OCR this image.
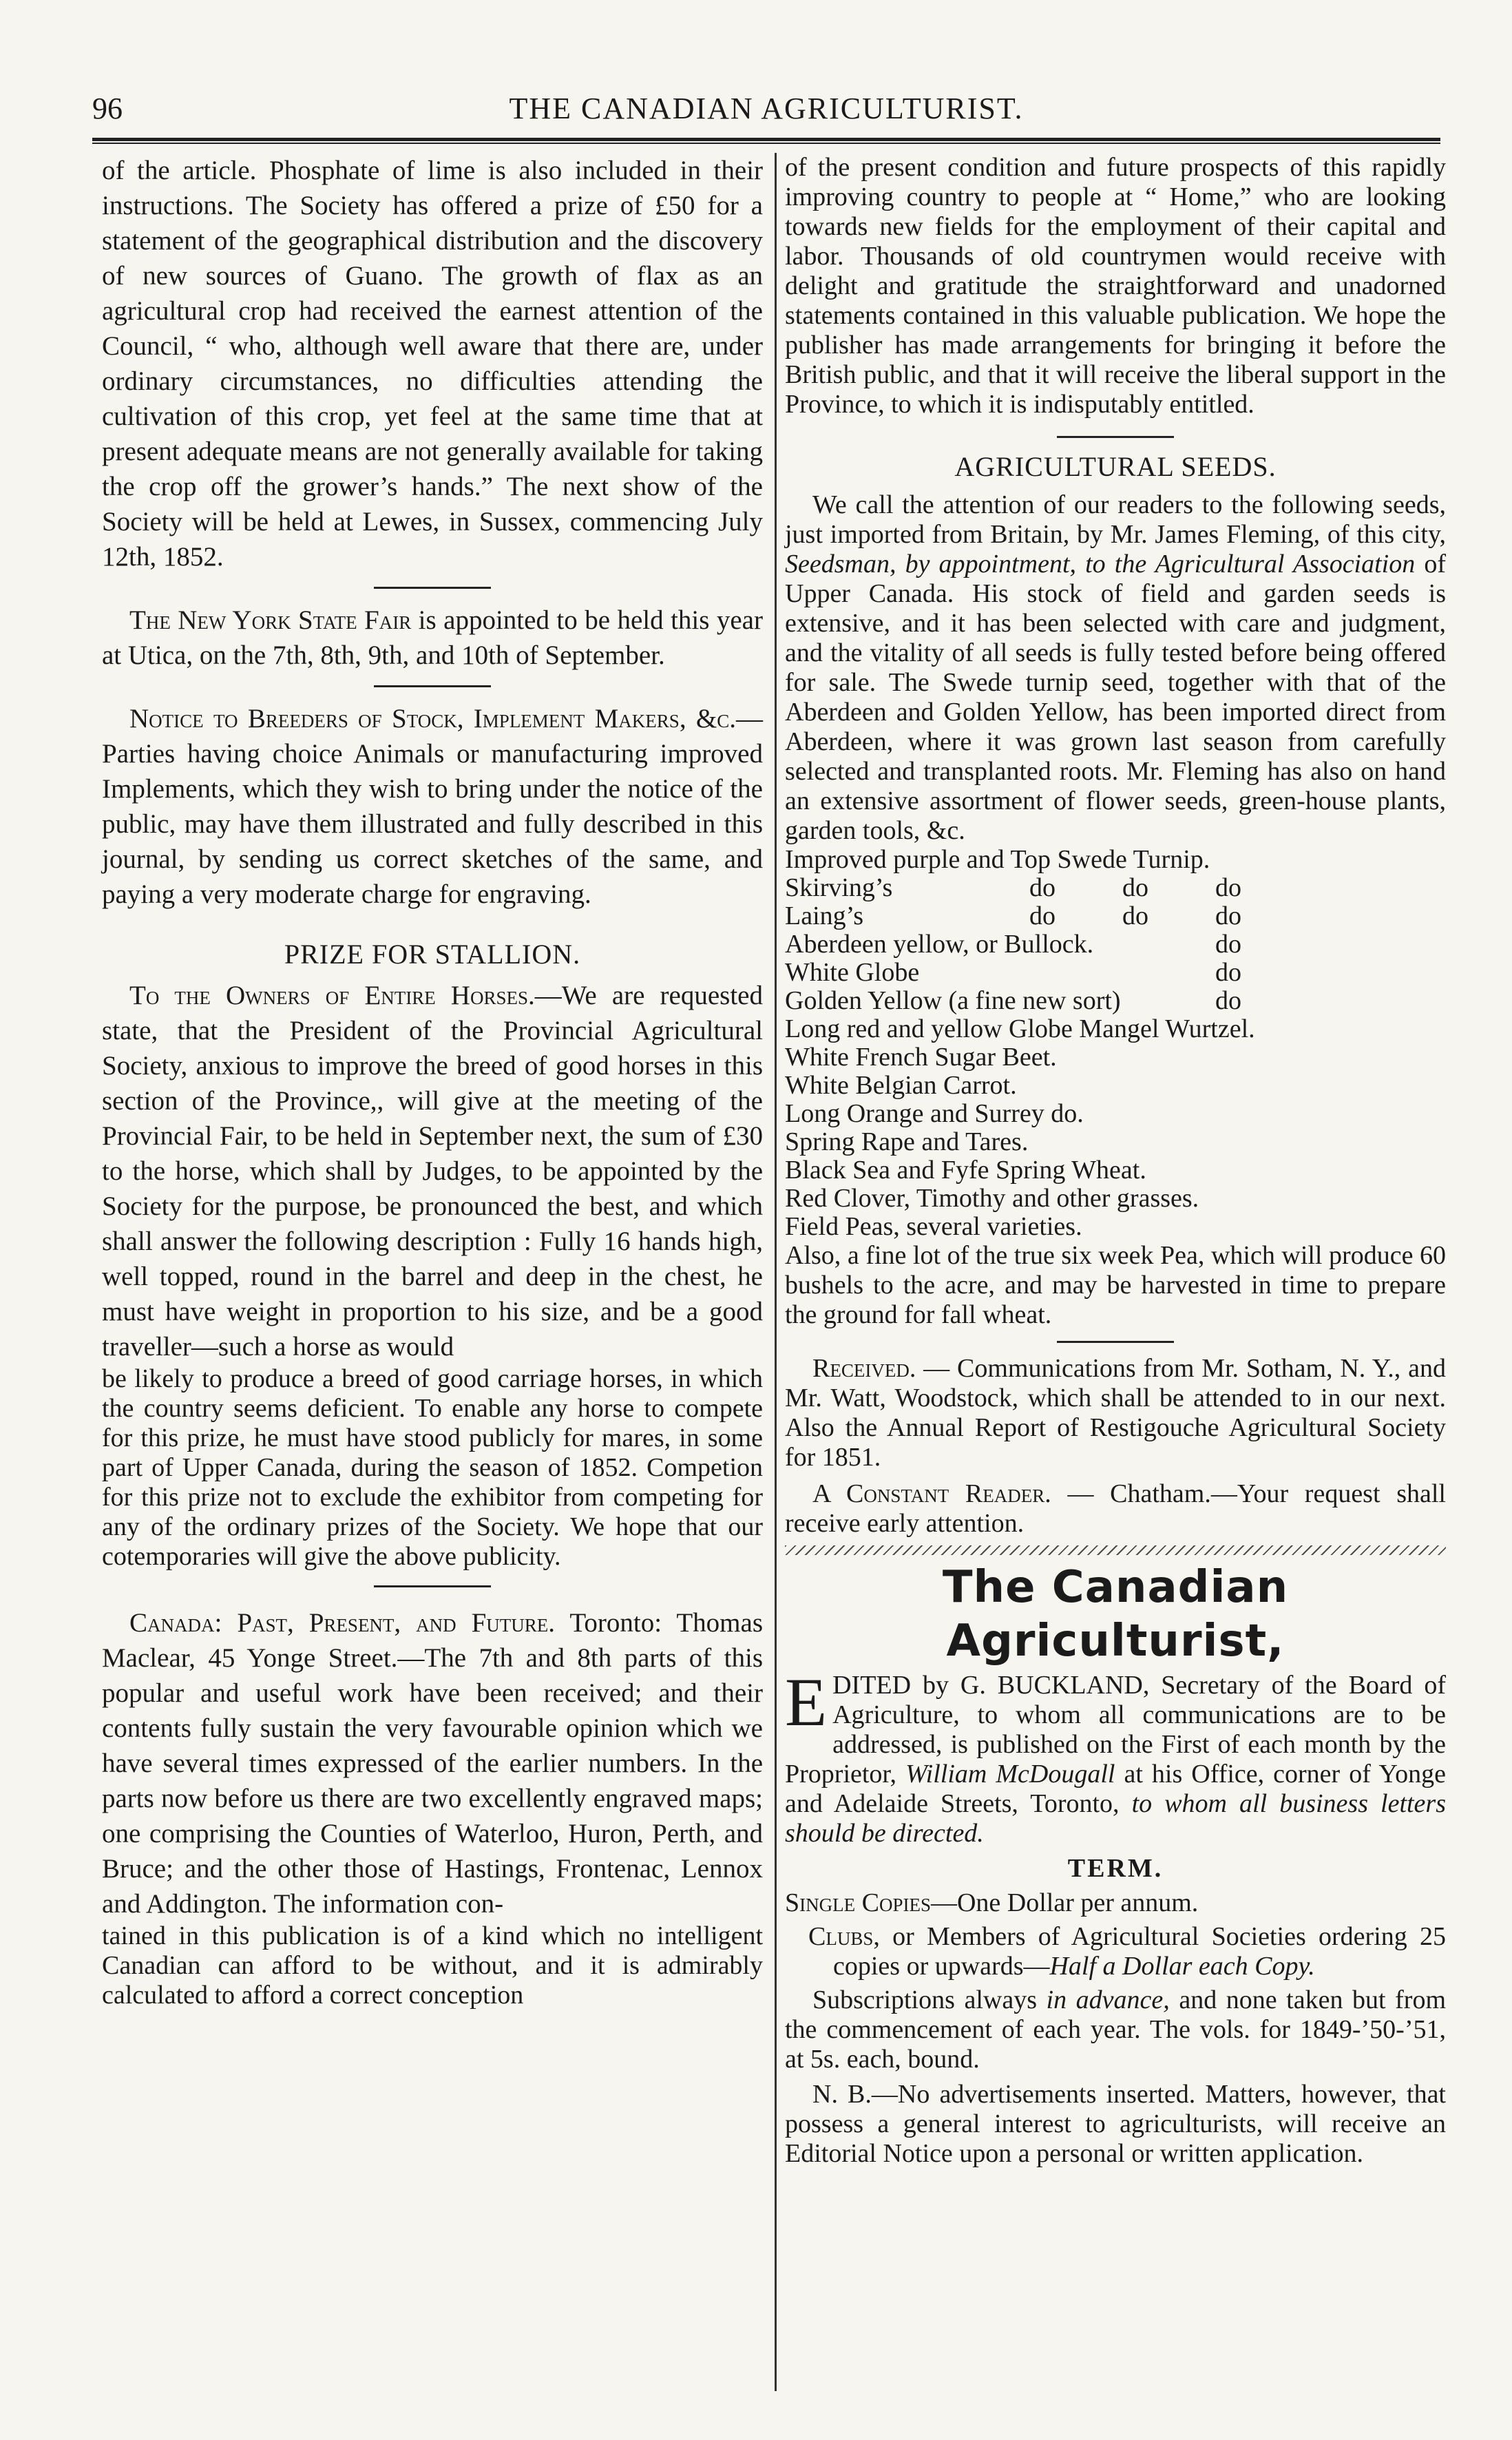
96	THE CANADIAN AGRICULTURIST.

of the article. Phosphate of lime is also included in their instructions. The Society has offered a prize of £50 for a statement of the geographical distribution and the discovery of new sources of Guano. The growth of flax as an agricultural crop had received the earnest attention of the Council, “ who, although well aware that there are, under ordinary circumstances, no difficulties attending the cultivation of this crop, yet feel at the same time that at present adequate means are not generally available for taking the crop off the grower’s hands.” The next show of the Society will be held at Lewes, in Sussex, commencing July 12th, 1852.

The New York State Fair is appointed to be held this year at Utica, on the 7th, 8th, 9th, and 10th of September.

Notice to Breeders of Stock, Implement Makers, &c.—Parties having choice Animals or manufacturing improved Implements, which they wish to bring under the notice of the public, may have them illustrated and fully described in this journal, by sending us correct sketches of the same, and paying a very moderate charge for engraving.

PRIZE FOR STALLION.

To the Owners of Entire Horses.—We are requested state, that the President of the Provincial Agricultural Society, anxious to improve the breed of good horses in this section of the Province,, will give at the meeting of the Provincial Fair, to be held in September next, the sum of £30 to the horse, which shall by Judges, to be appointed by the Society for the purpose, be pronounced the best, and which shall answer the following description : Fully 16 hands high, well topped, round in the barrel and deep in the chest, he must have weight in proportion to his size, and be a good traveller—such a horse as would

be likely to produce a breed of good carriage horses, in which the country seems deficient. To enable any horse to compete for this prize, he must have stood publicly for mares, in some part of Upper Canada, during the season of 1852. Competion for this prize not to exclude the exhibitor from competing for any of the ordinary prizes of the Society. We hope that our cotemporaries will give the above publicity.

Canada: Past, Present, and Future. Toronto: Thomas Maclear, 45 Yonge Street.—The 7th and 8th parts of this popular and useful work have been received; and their contents fully sustain the very favourable opinion which we have several times expressed of the earlier numbers. In the parts now before us there are two excellently engraved maps; one comprising the Counties of Waterloo, Huron, Perth, and Bruce; and the other those of Hastings, Frontenac, Lennox and Addington. The information con-

tained in this publication is of a kind which no intelligent Canadian can afford to be without, and it is admirably calculated to afford a correct conception

of the present condition and future prospects of this rapidly improving country to people at “ Home,” who are looking towards new fields for the employment of their capital and labor. Thousands of old countrymen would receive with delight and gratitude the straightforward and unadorned statements contained in this valuable publication. We hope the publisher has made arrangements for bringing it before the British public, and that it will receive the liberal support in the Province, to which it is indisputably entitled.

AGRICULTURAL SEEDS.

We call the attention of our readers to the following seeds, just imported from Britain, by Mr. James Fleming, of this city, Seedsman, by appointment, to the Agricultural Association of Upper Canada. His stock of field and garden seeds is extensive, and it has been selected with care and judgment, and the vitality of all seeds is fully tested before being offered for sale. The Swede turnip seed, together with that of the Aberdeen and Golden Yellow, has been imported direct from Aberdeen, where it was grown last season from carefully selected and transplanted roots. Mr. Fleming has also on hand an extensive assortment of flower seeds, green-house plants, garden tools, &c.

Improved purple and Top Swede Turnip.			
Skirving’s	do	do	do
Laing’s	do	do	do
Aberdeen yellow, or Bullock.			do
White Globe			do
Golden Yellow (a fine new sort)			do
Long red and yellow Globe Mangel Wurtzel.
White French Sugar Beet.
White Belgian Carrot.
Long Orange and Surrey do.
Spring Rape and Tares.
Black Sea and Fyfe Spring Wheat.
Red Clover, Timothy and other grasses.
Field Peas, several varieties.

Also, a fine lot of the true six week Pea, which will produce 60 bushels to the acre, and may be harvested in time to prepare the ground for fall wheat.

Received. — Communications from Mr. Sotham, N. Y., and Mr. Watt, Woodstock, which shall be attended to in our next. Also the Annual Report of Restigouche Agricultural Society for 1851.

A Constant Reader. — Chatham.—Your request shall receive early attention.

The Canadian Agriculturist,

EDITED by G. BUCKLAND, Secretary of the Board of Agriculture, to whom all communications are to be addressed, is published on the First of each month by the Proprietor, William McDougall at his Office, corner of Yonge and Adelaide Streets, Toronto, to whom all business letters should be directed.

TERM.

Single Copies—One Dollar per annum.

Clubs, or Members of Agricultural Societies ordering 25 copies or upwards—Half a Dollar each Copy.

Subscriptions always in advance, and none taken but from the commencement of each year. The vols. for 1849-’50-’51, at 5s. each, bound.

N. B.—No advertisements inserted. Matters, however, that possess a general interest to agriculturists, will receive an Editorial Notice upon a personal or written application.
